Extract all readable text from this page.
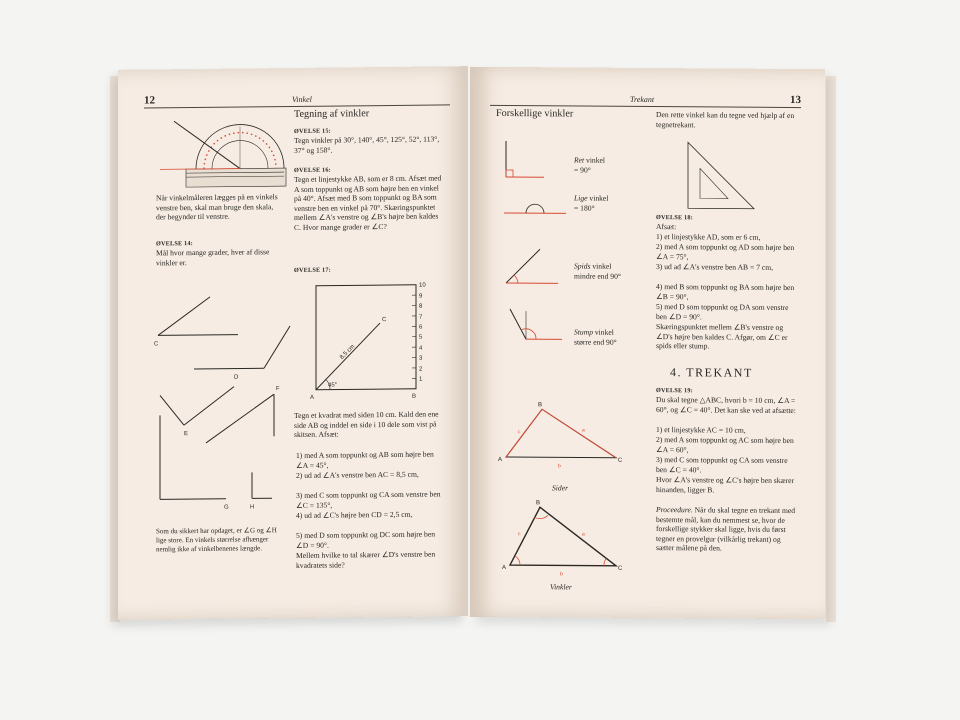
12	Vinkel

Når vinkelmåleren lægges på en vinkels venstre ben, skal man bruge den skala, der begynder til venstre.

ØVELSE 14:

Mål hvor mange grader, hver af disse vinkler er.

C
D
E
F
G	H

Som du sikkert har opdaget, er ∠G og ∠H lige store. En vinkels størrelse afhænger nemlig ikke af vinkelbenenes længde.

Tegning af vinkler

ØVELSE 15:

Tegn vinkler på 30°, 140°, 45°, 125°, 52°, 113°, 37° og 158°.

ØVELSE 16:

Tegn et linjestykke AB, som er 8 cm. Afsæt med A som toppunkt og AB som højre ben en vinkel på 40°. Afsæt med B som toppunkt og BA som venstre ben en vinkel på 70°. Skæringspunktet mellem ∠A's venstre og ∠B's højre ben kaldes C. Hvor mange grader er ∠C?

ØVELSE 17:

10
9
8
7
6
5
4
3
2
1
A	B
C
45°
8,5 cm

Tegn et kvadrat med siden 10 cm. Kald den ene side AB og inddel en side i 10 dele som vist på skitsen. Afsæt:

1) med A som toppunkt og AB som højre ben ∠A = 45°,

2) ud ad ∠A's venstre ben AC = 8,5 cm,

3) med C som toppunkt og CA som venstre ben ∠C = 135°,

4) ud ad ∠C's højre ben CD = 2,5 cm,

5) med D som toppunkt og DC som højre ben ∠D = 90°.

Mellem hvilke to tal skærer ∠D's venstre ben kvadratets side?

Trekant	13

Forskellige vinkler	Den rette vinkel kan du tegne ved hjælp af en tegnetrekant.

Ret vinkel
= 90°

Lige vinkel
= 180°

Spids vinkel
mindre end 90°

Stump vinkel
større end 90°

ØVELSE 18:

Afsæt:

1) et linjestykke AD, som er 6 cm,

2) med A som toppunkt og AD som højre ben ∠A = 75°,

3) ud ad ∠A's venstre ben AB = 7 cm,

4) med B som toppunkt og BA som højre ben ∠B = 90°,

5) med D som toppunkt og DA som venstre ben ∠D = 90°.

Skæringspunktet mellem ∠B's venstre og ∠D's højre ben kaldes C. Afgør, om ∠C er spids eller stump.

4. TREKANT

ØVELSE 19:

Du skal tegne △ABC, hvori b = 10 cm, ∠A = 60°, og ∠C = 40°. Det kan ske ved at afsætte:

1) et linjestykke AC = 10 cm,

2) med A som toppunkt og AC som højre ben ∠A = 60°,

3) med C som toppunkt og CA som venstre ben ∠C = 40°.

Hvor ∠A's venstre og ∠C's højre ben skærer hinanden, ligger B.

Proceedure. Når du skal tegne en trekant med bestemte mål, kan du nemmest se, hvor de forskellige stykker skal ligge, hvis du først tegner en provelgur (vilkårlig trekant) og sætter målene på den.

A
B
C
c	a
b

Sider

A
B
C
c	a
b

Vinkler
